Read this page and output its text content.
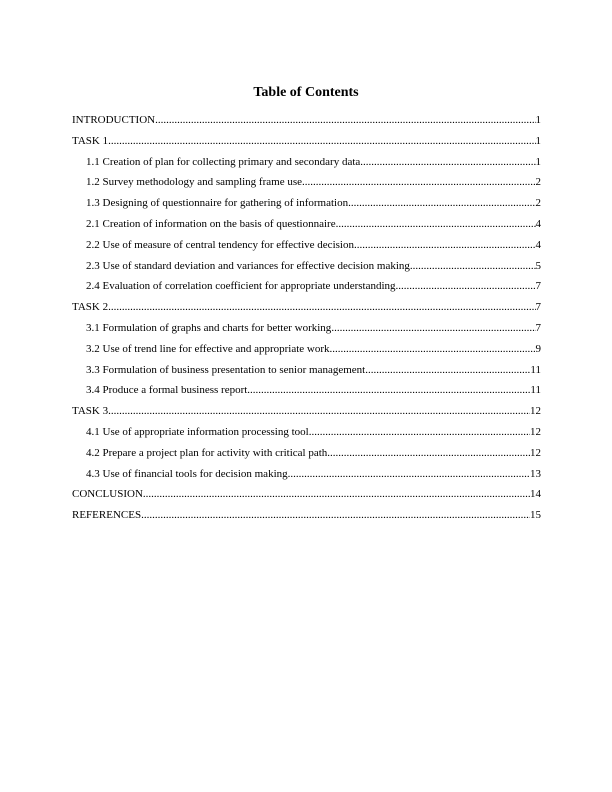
Table of Contents
INTRODUCTION .....	1
TASK 1 .....	1
1.1 Creation of plan for collecting primary and secondary data .....	1
1.2 Survey methodology and sampling frame use .....	2
1.3 Designing of questionnaire for gathering of information .....	2
2.1 Creation of information on the basis of questionnaire .....	4
2.2 Use of measure of central tendency for effective decision .....	4
2.3 Use of standard deviation and variances for effective decision making .....	5
2.4 Evaluation of correlation coefficient for appropriate understanding .....	7
TASK 2 .....	7
3.1 Formulation of graphs and charts for better working .....	7
3.2 Use of trend line for effective and appropriate work .....	9
3.3 Formulation of business presentation to senior management .....	11
3.4 Produce a formal business report .....	11
TASK 3 .....	12
4.1 Use of appropriate information processing tool .....	12
4.2 Prepare a project plan for activity with critical path .....	12
4.3 Use of financial tools for decision making .....	13
CONCLUSION .....	14
REFERENCES .....	15
